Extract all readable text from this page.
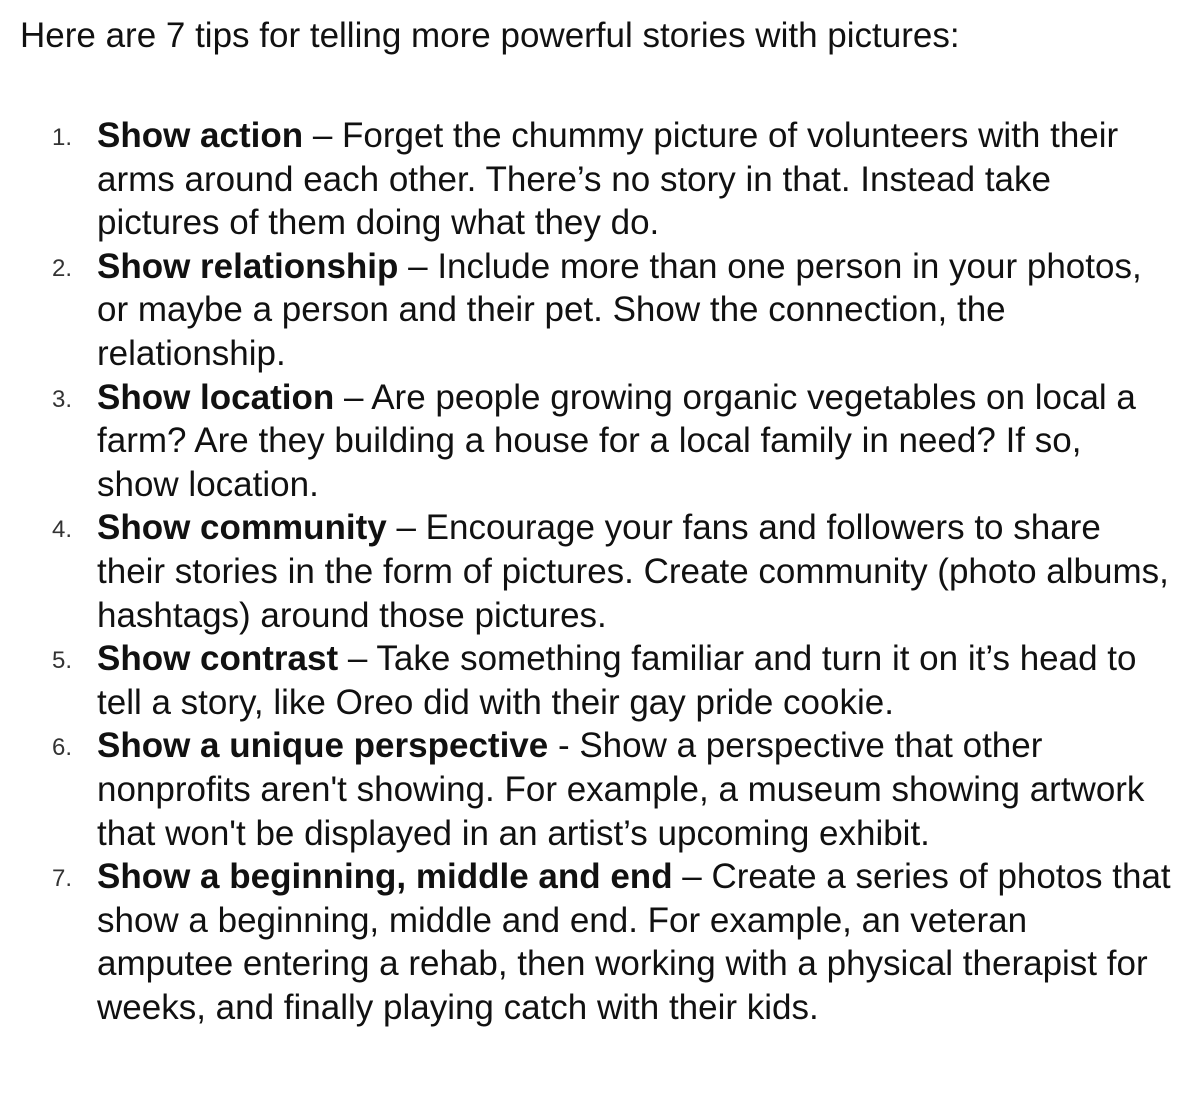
Here are 7 tips for telling more powerful stories with pictures:

1. Show action – Forget the chummy picture of volunteers with their arms around each other. There’s no story in that. Instead take pictures of them doing what they do.
2. Show relationship – Include more than one person in your photos, or maybe a person and their pet. Show the connection, the relationship.
3. Show location – Are people growing organic vegetables on local a farm? Are they building a house for a local family in need? If so, show location.
4. Show community – Encourage your fans and followers to share their stories in the form of pictures. Create community (photo albums, hashtags) around those pictures.
5. Show contrast – Take something familiar and turn it on it’s head to tell a story, like Oreo did with their gay pride cookie.
6. Show a unique perspective - Show a perspective that other nonprofits aren't showing. For example, a museum showing artwork that won't be displayed in an artist’s upcoming exhibit.
7. Show a beginning, middle and end – Create a series of photos that show a beginning, middle and end. For example, an veteran amputee entering a rehab, then working with a physical therapist for weeks, and finally playing catch with their kids.
